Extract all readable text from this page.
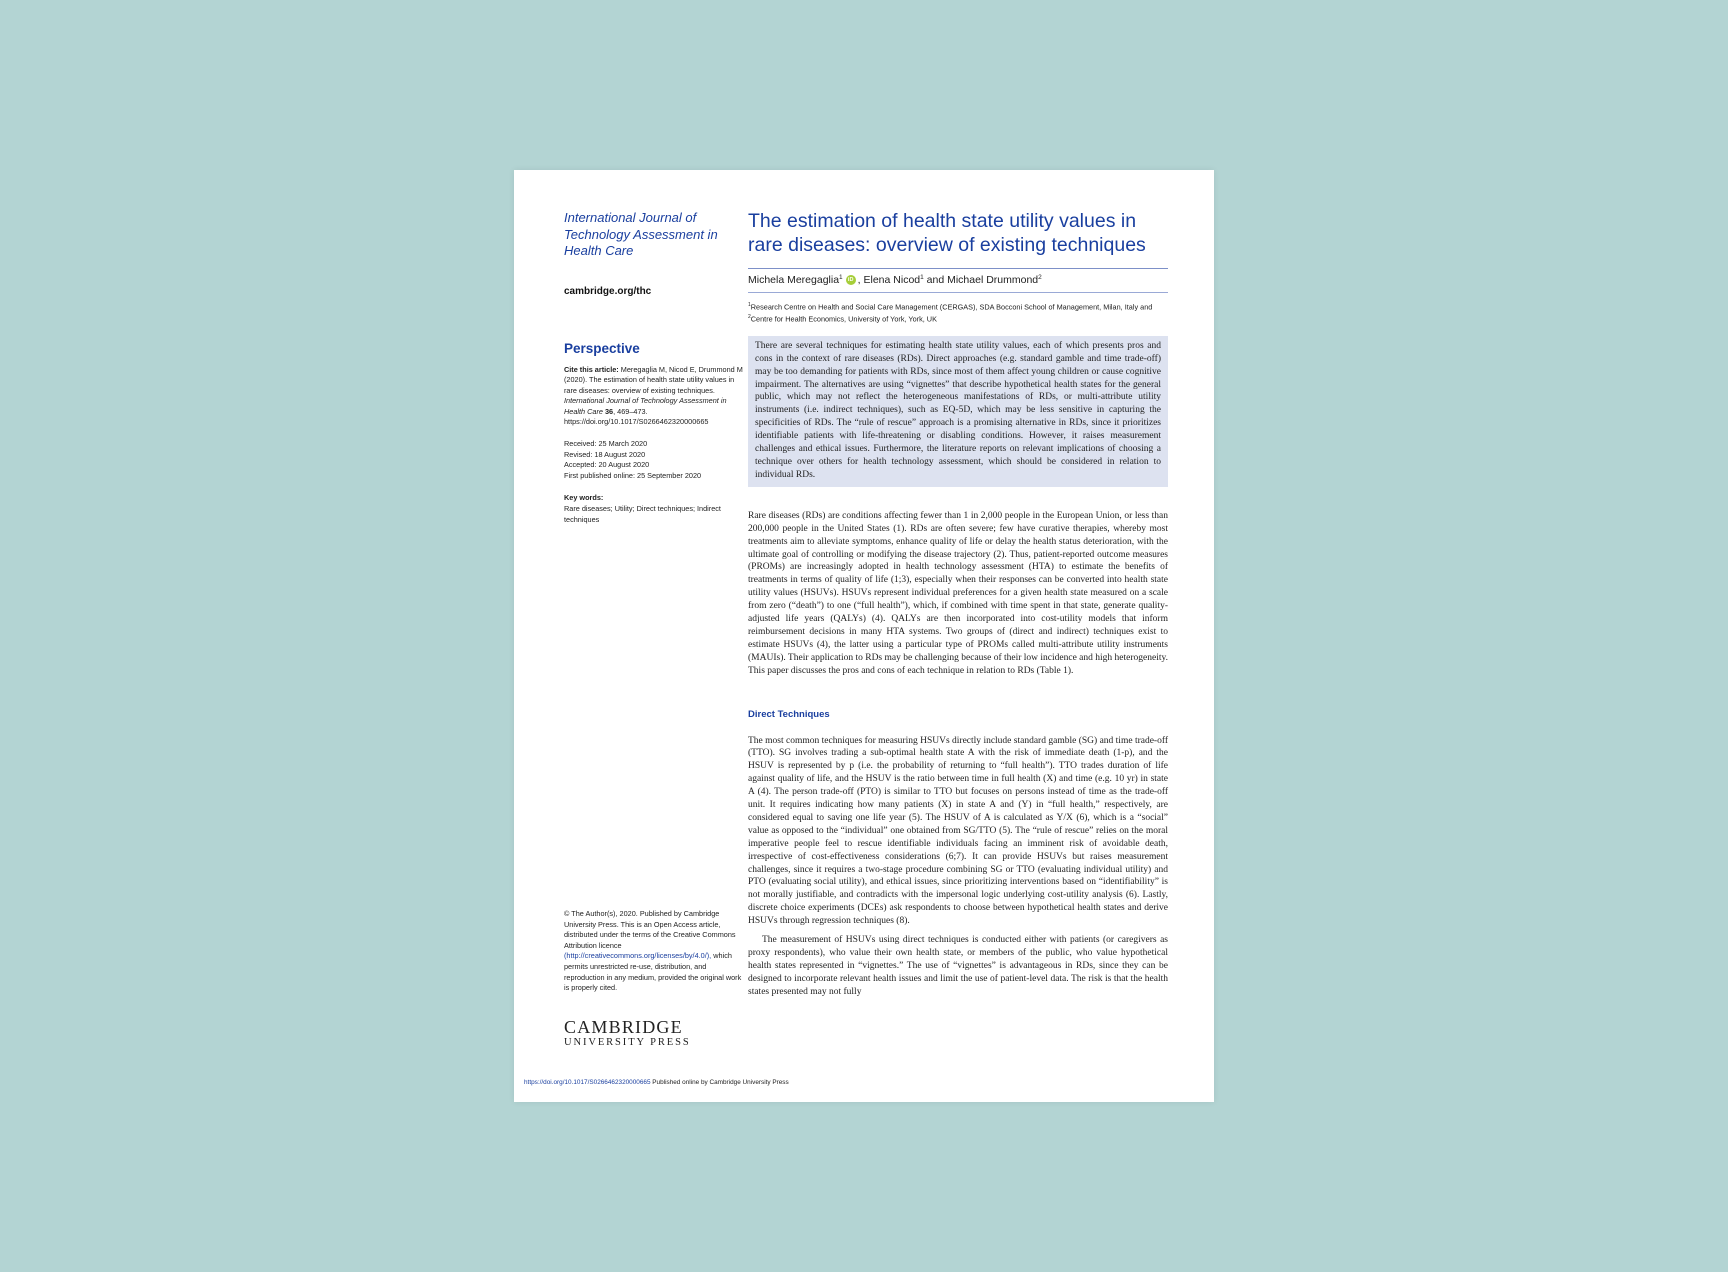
International Journal of Technology Assessment in Health Care

cambridge.org/thc
Perspective
Cite this article: Meregaglia M, Nicod E, Drummond M (2020). The estimation of health state utility values in rare diseases: overview of existing techniques. International Journal of Technology Assessment in Health Care 36, 469–473. https://doi.org/10.1017/S0266462320000665
Received: 25 March 2020
Revised: 18 August 2020
Accepted: 20 August 2020
First published online: 25 September 2020
Key words:
Rare diseases; Utility; Direct techniques; Indirect techniques
© The Author(s), 2020. Published by Cambridge University Press. This is an Open Access article, distributed under the terms of the Creative Commons Attribution licence (http://creativecommons.org/licenses/by/4.0/), which permits unrestricted re-use, distribution, and reproduction in any medium, provided the original work is properly cited.
CAMBRIDGE
UNIVERSITY PRESS
https://doi.org/10.1017/S0266462320000665 Published online by Cambridge University Press
The estimation of health state utility values in rare diseases: overview of existing techniques
Michela Meregaglia$^1$ iD , Elena Nicod$^1$ and Michael Drummond$^2$
$^1$Research Centre on Health and Social Care Management (CERGAS), SDA Bocconi School of Management, Milan, Italy and $^2$Centre for Health Economics, University of York, York, UK

There are several techniques for estimating health state utility values, each of which presents pros and cons in the context of rare diseases (RDs). Direct approaches (e.g. standard gamble and time trade-off) may be too demanding for patients with RDs, since most of them affect young children or cause cognitive impairment. The alternatives are using “vignettes” that describe hypothetical health states for the general public, which may not reflect the heterogeneous manifestations of RDs, or multi-attribute utility instruments (i.e. indirect techniques), such as EQ-5D, which may be less sensitive in capturing the specificities of RDs. The “rule of rescue” approach is a promising alternative in RDs, since it prioritizes identifiable patients with life-threatening or disabling conditions. However, it raises measurement challenges and ethical issues. Furthermore, the literature reports on relevant implications of choosing a technique over others for health technology assessment, which should be considered in relation to individual RDs.

Rare diseases (RDs) are conditions affecting fewer than 1 in 2,000 people in the European Union, or less than 200,000 people in the United States (1). RDs are often severe; few have curative therapies, whereby most treatments aim to alleviate symptoms, enhance quality of life or delay the health status deterioration, with the ultimate goal of controlling or modifying the disease trajectory (2). Thus, patient-reported outcome measures (PROMs) are increasingly adopted in health technology assessment (HTA) to estimate the benefits of treatments in terms of quality of life (1;3), especially when their responses can be converted into health state utility values (HSUVs). HSUVs represent individual preferences for a given health state measured on a scale from zero (“death”) to one (“full health”), which, if combined with time spent in that state, generate quality-adjusted life years (QALYs) (4). QALYs are then incorporated into cost-utility models that inform reimbursement decisions in many HTA systems. Two groups of (direct and indirect) techniques exist to estimate HSUVs (4), the latter using a particular type of PROMs called multi-attribute utility instruments (MAUIs). Their application to RDs may be challenging because of their low incidence and high heterogeneity. This paper discusses the pros and cons of each technique in relation to RDs (Table 1).

Direct Techniques

The most common techniques for measuring HSUVs directly include standard gamble (SG) and time trade-off (TTO). SG involves trading a sub-optimal health state A with the risk of immediate death (1-p), and the HSUV is represented by p (i.e. the probability of returning to “full health”). TTO trades duration of life against quality of life, and the HSUV is the ratio between time in full health (X) and time (e.g. 10 yr) in state A (4). The person trade-off (PTO) is similar to TTO but focuses on persons instead of time as the trade-off unit. It requires indicating how many patients (X) in state A and (Y) in “full health,” respectively, are considered equal to saving one life year (5). The HSUV of A is calculated as Y/X (6), which is a “social” value as opposed to the “individual” one obtained from SG/TTO (5). The “rule of rescue” relies on the moral imperative people feel to rescue identifiable individuals facing an imminent risk of avoidable death, irrespective of cost-effectiveness considerations (6;7). It can provide HSUVs but raises measurement challenges, since it requires a two-stage procedure combining SG or TTO (evaluating individual utility) and PTO (evaluating social utility), and ethical issues, since prioritizing interventions based on “identifiability” is not morally justifiable, and contradicts with the impersonal logic underlying cost-utility analysis (6). Lastly, discrete choice experiments (DCEs) ask respondents to choose between hypothetical health states and derive HSUVs through regression techniques (8).

The measurement of HSUVs using direct techniques is conducted either with patients (or caregivers as proxy respondents), who value their own health state, or members of the public, who value hypothetical health states represented in “vignettes.” The use of “vignettes” is advantageous in RDs, since they can be designed to incorporate relevant health issues and limit the use of patient-level data. The risk is that the health states presented may not fully
